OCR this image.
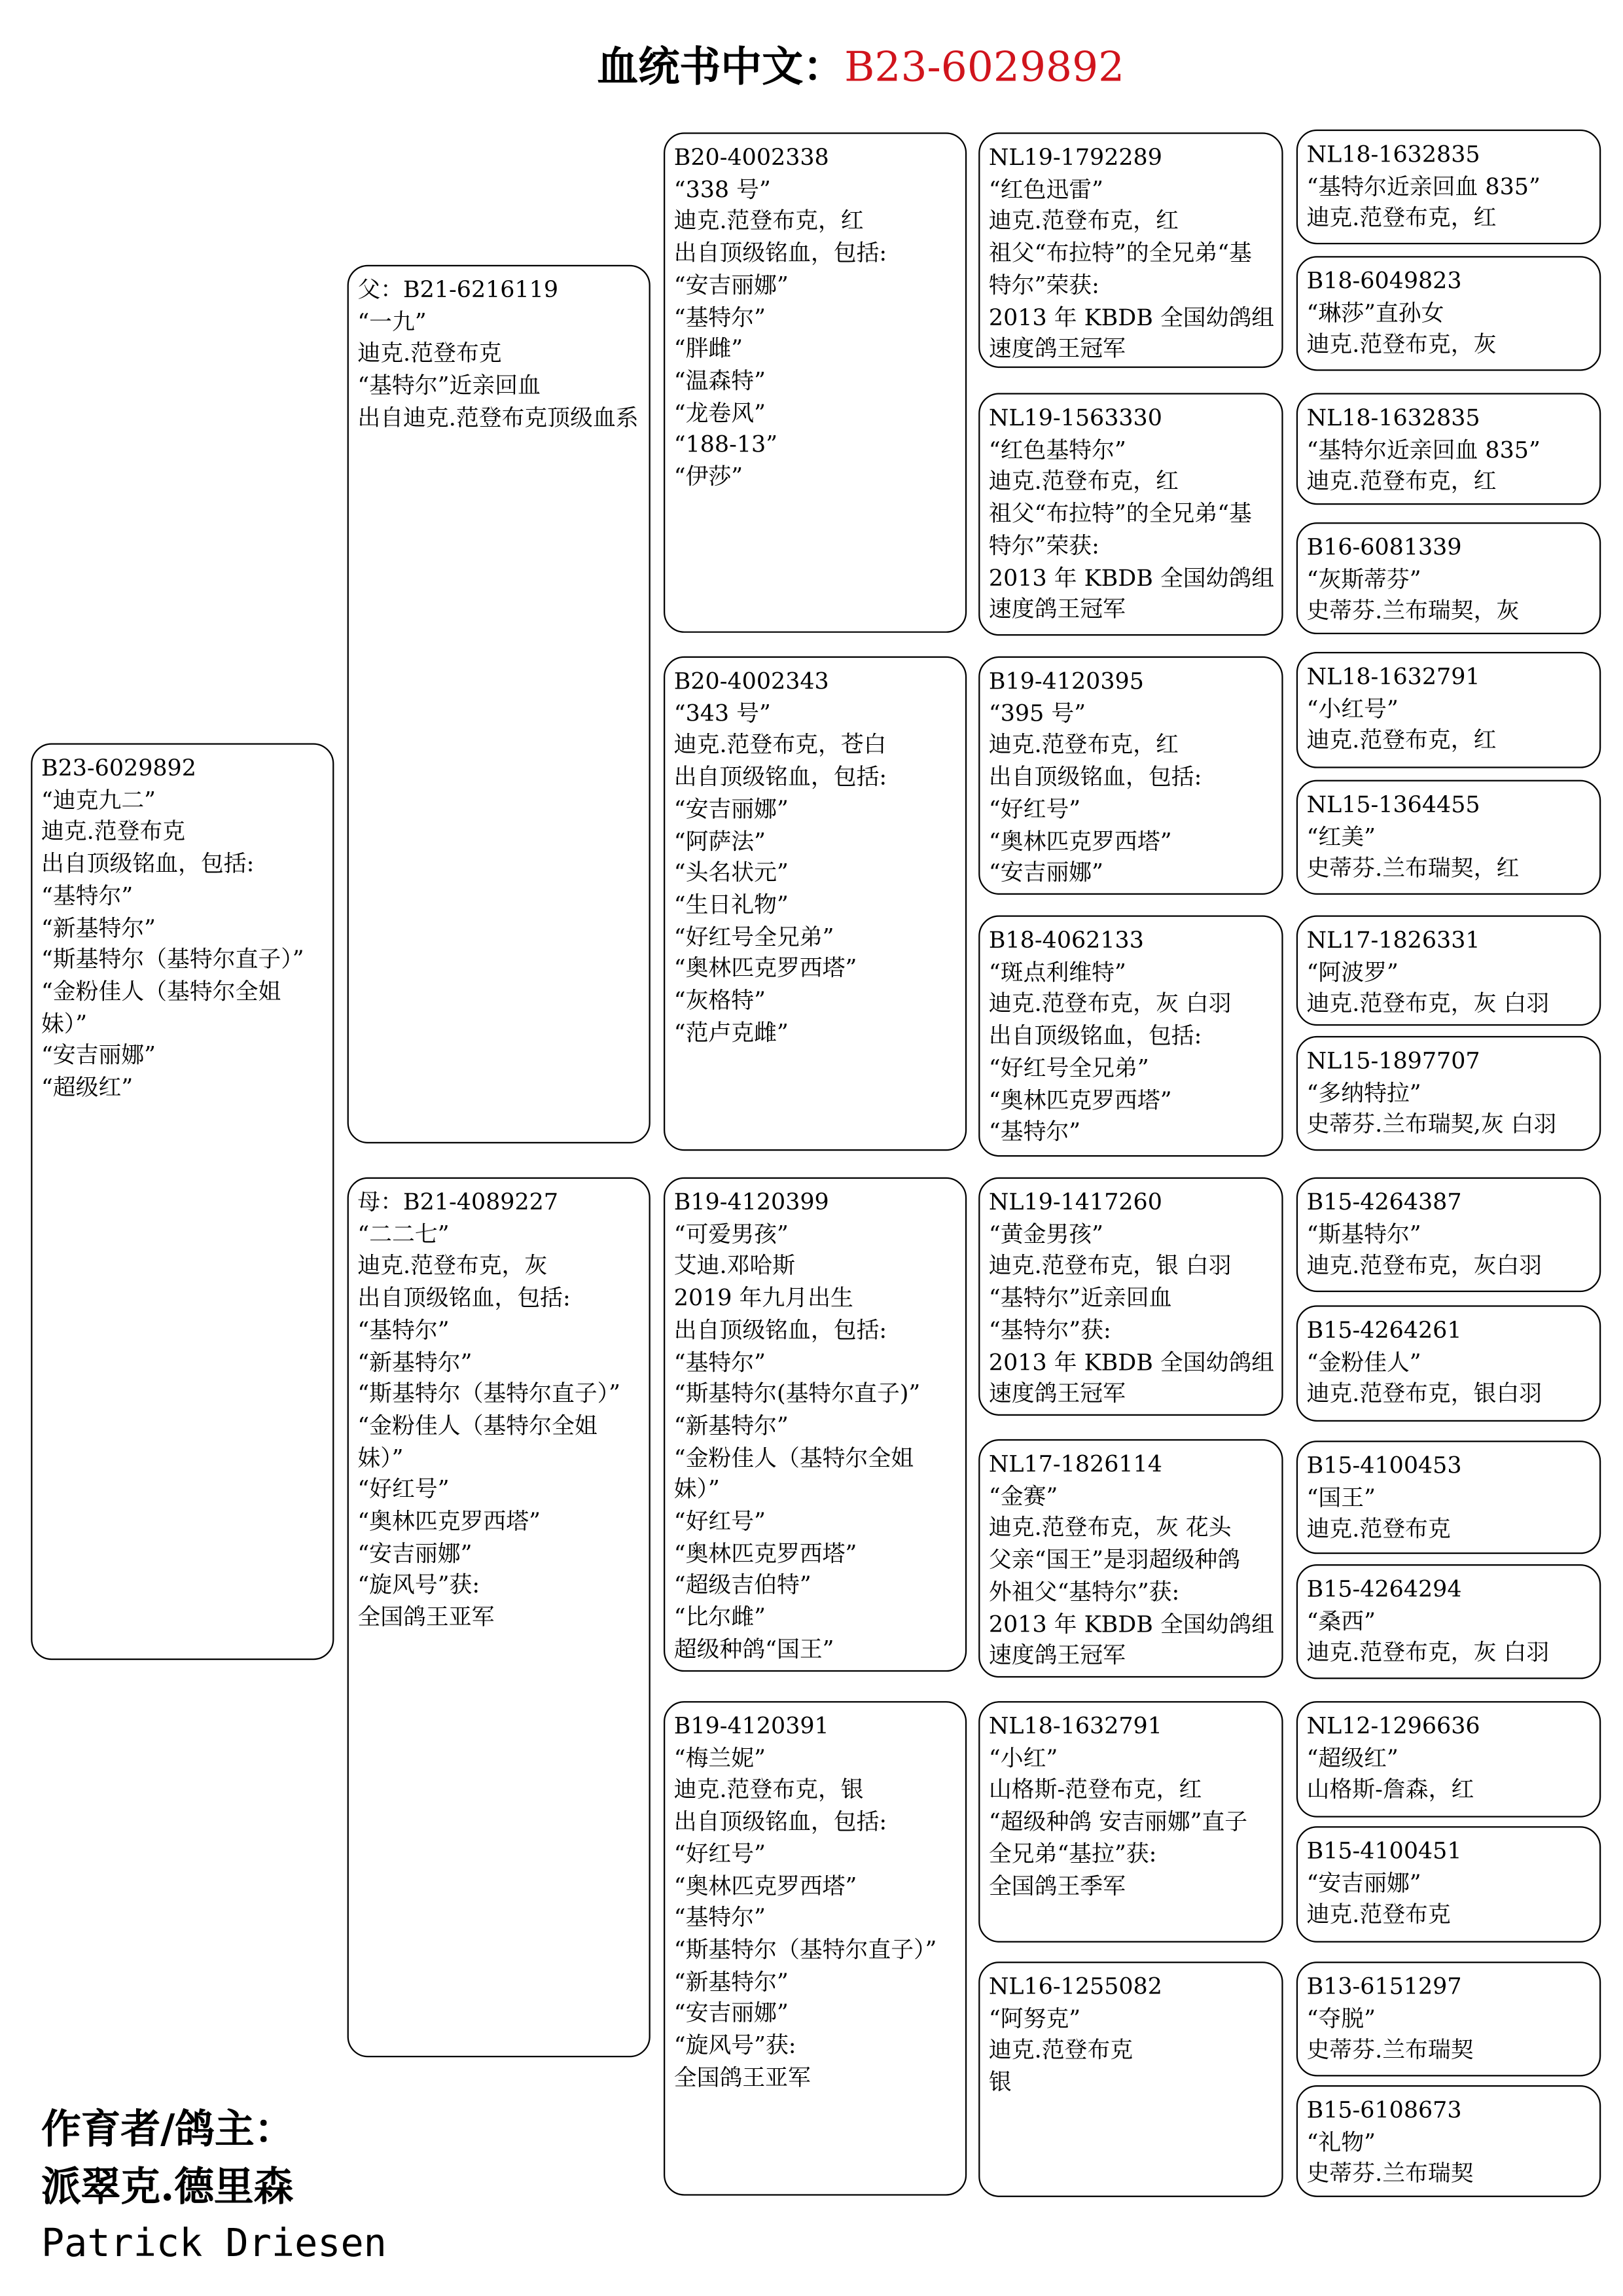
血统书中文：B23-6029892
B23-6029892
“迪克九二”
迪克.范登布克
出自顶级铭血，包括:
“基特尔”
“新基特尔”
“斯基特尔（基特尔直子）”
“金粉佳人（基特尔全姐妹）”
“安吉丽娜”
“超级红”
父：B21-6216119
“一九”
迪克.范登布克
“基特尔”近亲回血
出自迪克.范登布克顶级血系
母：B21-4089227
“二二七”
迪克.范登布克，灰
出自顶级铭血，包括:
“基特尔”
“新基特尔”
“斯基特尔（基特尔直子）”
“金粉佳人（基特尔全姐妹）”
“好红号”
“奥林匹克罗西塔”
“安吉丽娜”
“旋风号”获:
全国鸽王亚军
B20-4002338
“338 号”
迪克.范登布克，红
出自顶级铭血，包括:
“安吉丽娜”
“基特尔”
“胖雌”
“温森特”
“龙卷风”
“188-13”
“伊莎”
B20-4002343
“343 号”
迪克.范登布克，苍白
出自顶级铭血，包括:
“安吉丽娜”
“阿萨法”
“头名状元”
“生日礼物”
“好红号全兄弟”
“奥林匹克罗西塔”
“灰格特”
“范卢克雌”
B19-4120399
“可爱男孩”
艾迪.邓哈斯
2019 年九月出生
出自顶级铭血，包括:
“基特尔”
“斯基特尔(基特尔直子)”
“新基特尔”
“金粉佳人（基特尔全姐妹）”
“好红号”
“奥林匹克罗西塔”
“超级吉伯特”
“比尔雌”
超级种鸽“国王”
B19-4120391
“梅兰妮”
迪克.范登布克，银
出自顶级铭血，包括:
“好红号”
“奥林匹克罗西塔”
“基特尔”
“斯基特尔（基特尔直子）”
“新基特尔”
“安吉丽娜”
“旋风号”获:
全国鸽王亚军
NL19-1792289
“红色迅雷”
迪克.范登布克，红
祖父“布拉特”的全兄弟“基特尔”荣获:
2013 年 KBDB 全国幼鸽组速度鸽王冠军
NL19-1563330
“红色基特尔”
迪克.范登布克，红
祖父“布拉特”的全兄弟“基特尔”荣获:
2013 年 KBDB 全国幼鸽组速度鸽王冠军
B19-4120395
“395 号”
迪克.范登布克，红
出自顶级铭血，包括:
“好红号”
“奥林匹克罗西塔”
“安吉丽娜”
B18-4062133
“斑点利维特”
迪克.范登布克，灰 白羽
出自顶级铭血，包括:
“好红号全兄弟”
“奥林匹克罗西塔”
“基特尔”
NL19-1417260
“黄金男孩”
迪克.范登布克，银 白羽
“基特尔”近亲回血
“基特尔”获:
2013 年 KBDB 全国幼鸽组速度鸽王冠军
NL17-1826114
“金赛”
迪克.范登布克，灰 花头
父亲“国王”是羽超级种鸽
外祖父“基特尔”获:
2013 年 KBDB 全国幼鸽组速度鸽王冠军
NL18-1632791
“小红”
山格斯-范登布克，红
“超级种鸽 安吉丽娜”直子
全兄弟“基拉”获:
全国鸽王季军
NL16-1255082
“阿努克”
迪克.范登布克
银
NL18-1632835
“基特尔近亲回血 835”
迪克.范登布克，红
B18-6049823
“琳莎”直孙女
迪克.范登布克，灰
NL18-1632835
“基特尔近亲回血 835”
迪克.范登布克，红
B16-6081339
“灰斯蒂芬”
史蒂芬.兰布瑞契，灰
NL18-1632791
“小红号”
迪克.范登布克，红
NL15-1364455
“红美”
史蒂芬.兰布瑞契，红
NL17-1826331
“阿波罗”
迪克.范登布克，灰 白羽
NL15-1897707
“多纳特拉”
史蒂芬.兰布瑞契,灰 白羽
B15-4264387
“斯基特尔”
迪克.范登布克，灰白羽
B15-4264261
“金粉佳人”
迪克.范登布克，银白羽
B15-4100453
“国王”
迪克.范登布克
B15-4264294
“桑西”
迪克.范登布克，灰 白羽
NL12-1296636
“超级红”
山格斯-詹森，红
B15-4100451
“安吉丽娜”
迪克.范登布克
B13-6151297
“夺脱”
史蒂芬.兰布瑞契
B15-6108673
“礼物”
史蒂芬.兰布瑞契
作育者/鸽主：
派翠克.德里森
Patrick Driesen
